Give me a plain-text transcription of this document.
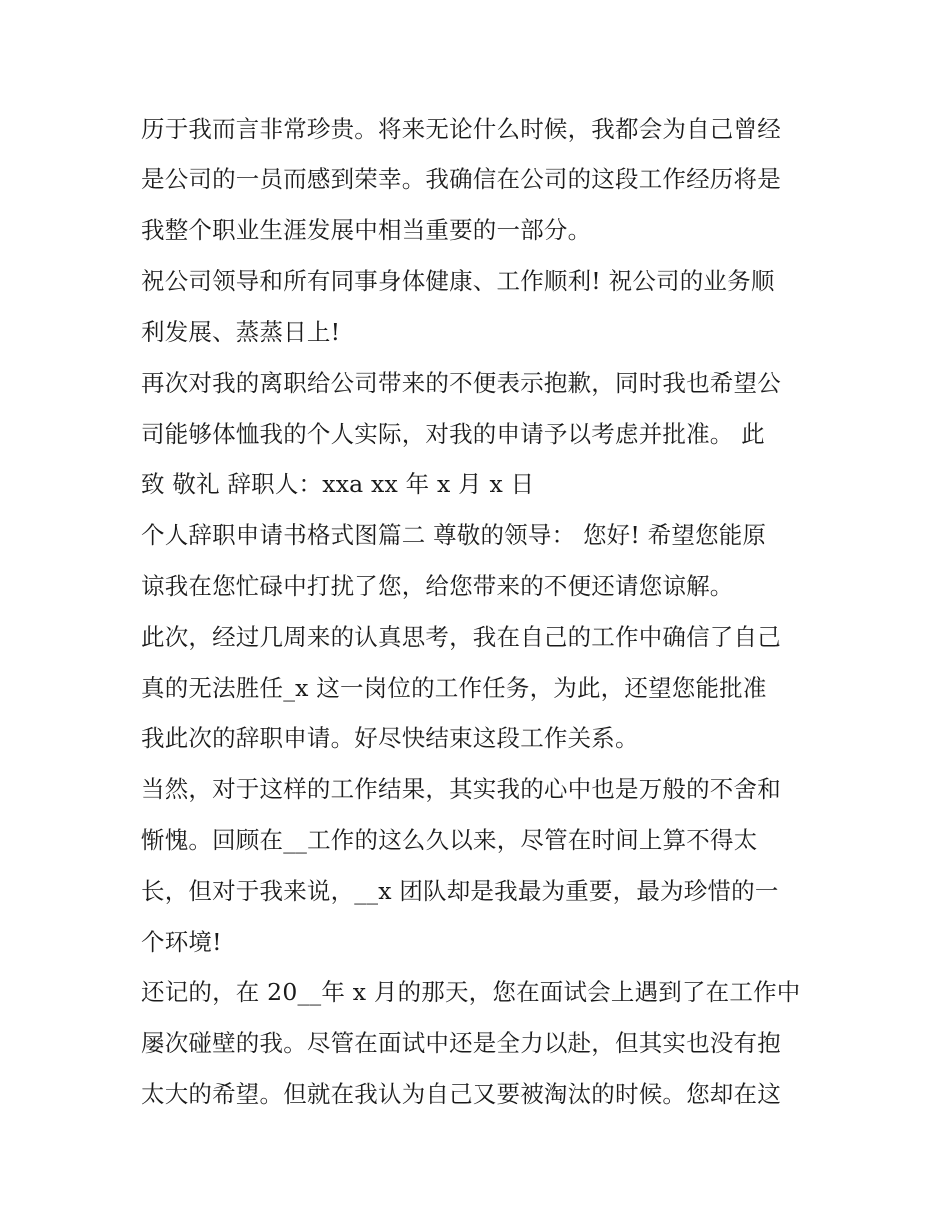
历于我而言非常珍贵。将来无论什么时候，我都会为自己曾经
是公司的一员而感到荣幸。我确信在公司的这段工作经历将是
我整个职业生涯发展中相当重要的一部分。
祝公司领导和所有同事身体健康、工作顺利! 祝公司的业务顺
利发展、蒸蒸日上!
再次对我的离职给公司带来的不便表示抱歉，同时我也希望公
司能够体恤我的个人实际，对我的申请予以考虑并批准。 此
致 敬礼 辞职人：xxa xx 年 x 月 x 日
个人辞职申请书格式图篇二 尊敬的领导： 您好! 希望您能原
谅我在您忙碌中打扰了您，给您带来的不便还请您谅解。
此次，经过几周来的认真思考，我在自己的工作中确信了自己
真的无法胜任_x 这一岗位的工作任务，为此，还望您能批准
我此次的辞职申请。好尽快结束这段工作关系。
当然，对于这样的工作结果，其实我的心中也是万般的不舍和
惭愧。回顾在__工作的这么久以来，尽管在时间上算不得太
长，但对于我来说，__x 团队却是我最为重要，最为珍惜的一
个环境!
还记的，在 20__年 x 月的那天，您在面试会上遇到了在工作中
屡次碰壁的我。尽管在面试中还是全力以赴，但其实也没有抱
太大的希望。但就在我认为自己又要被淘汰的时候。您却在这
